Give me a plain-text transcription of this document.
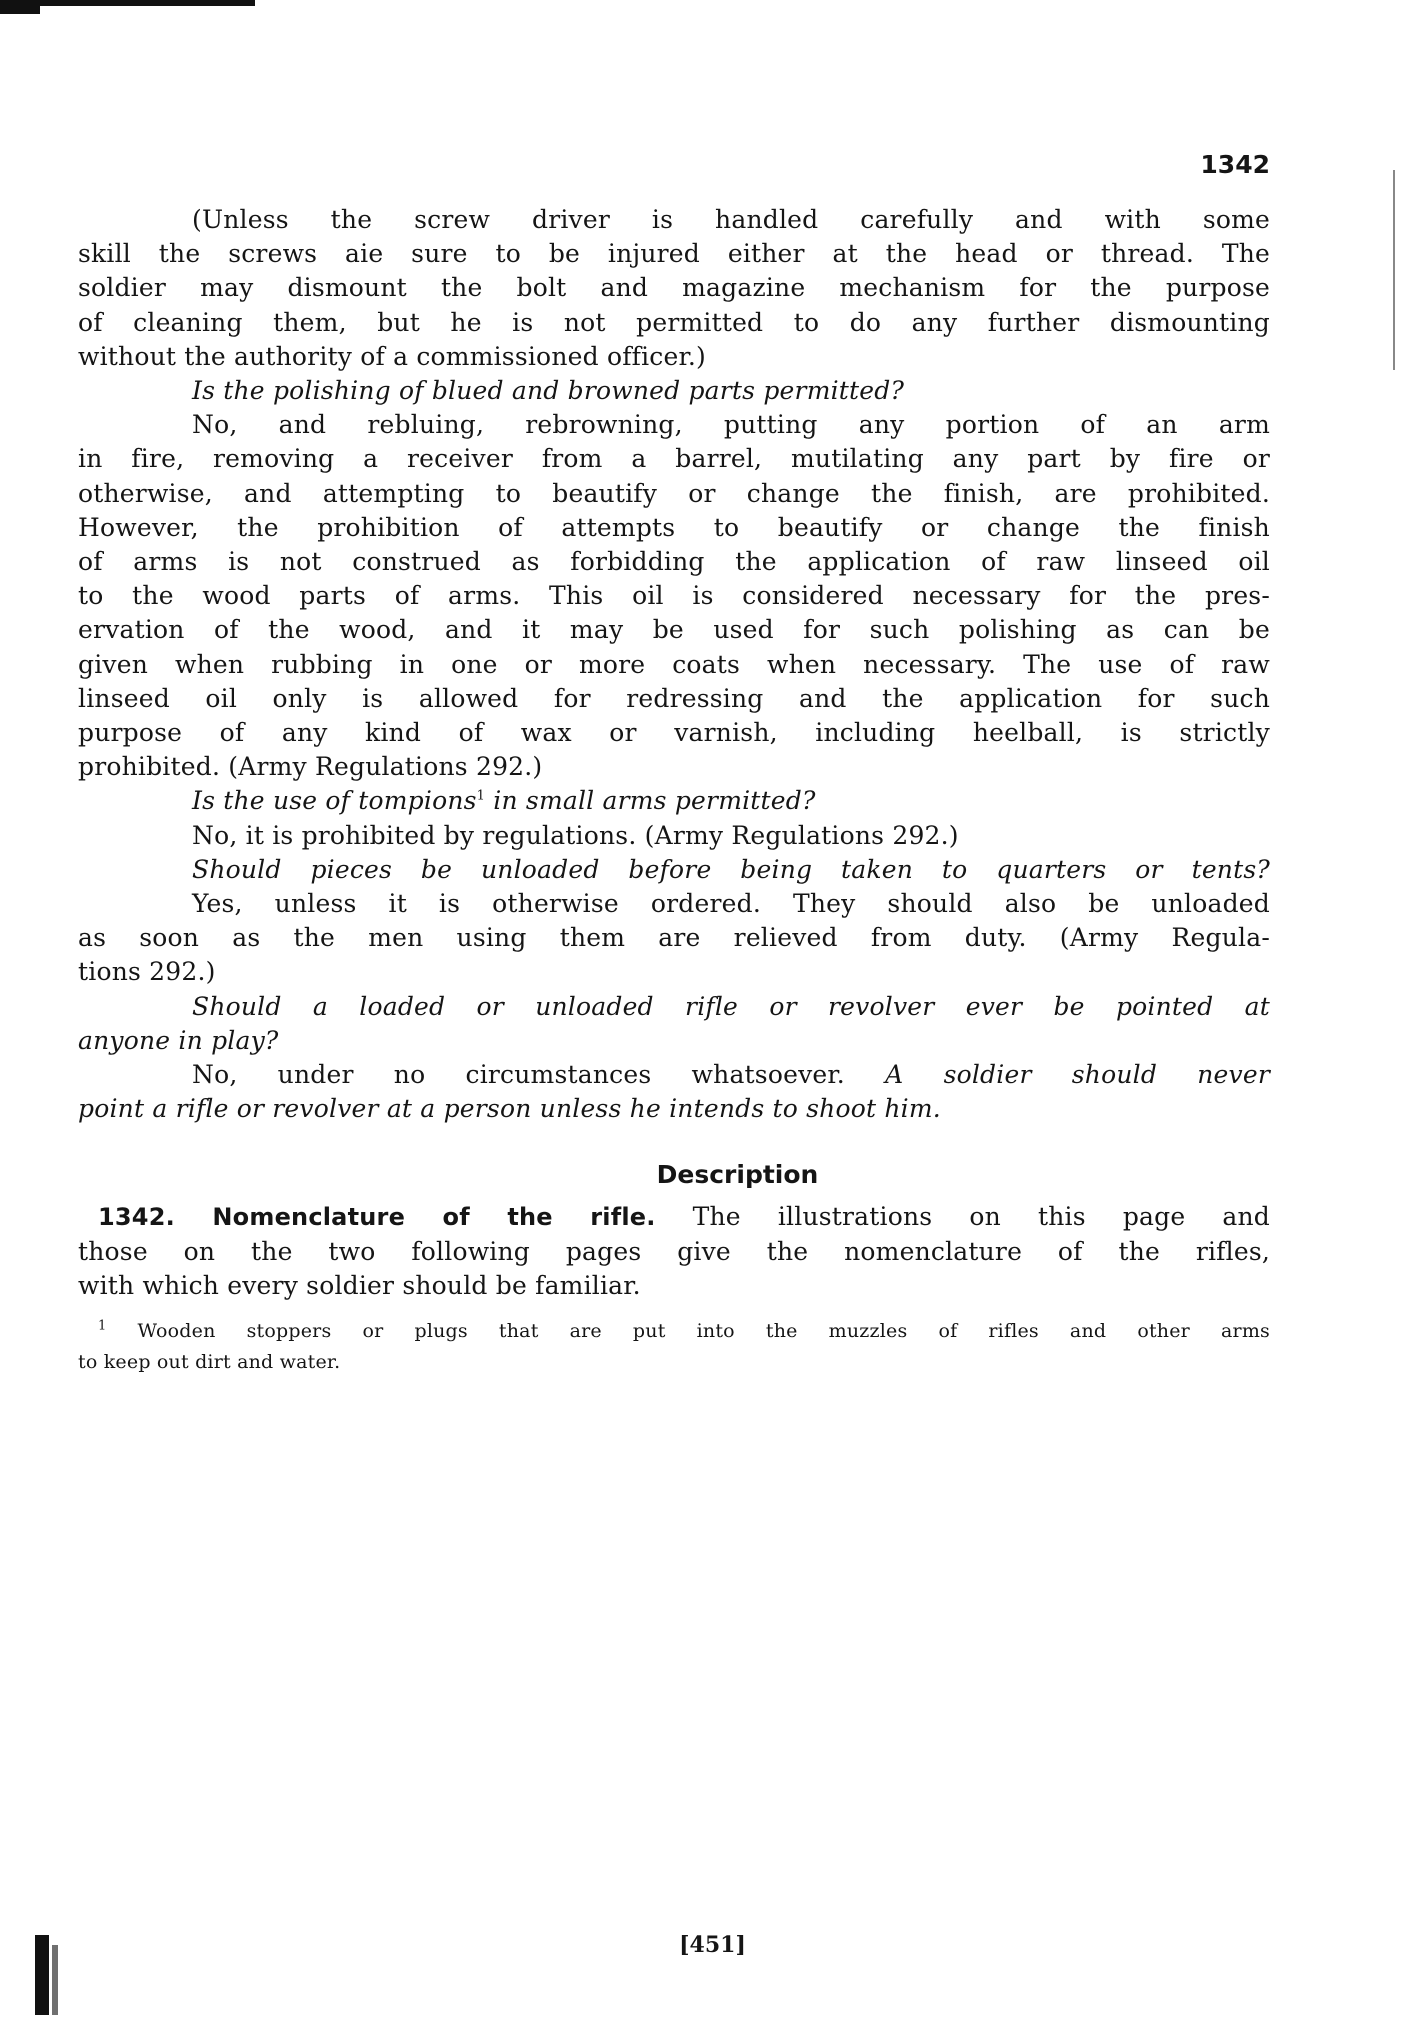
1342
(Unless the screw driver is handled carefully and with some
skill the screws aie sure to be injured either at the head or thread. The
soldier may dismount the bolt and magazine mechanism for the purpose
of cleaning them, but he is not permitted to do any further dismounting
without the authority of a commissioned officer.)
Is the polishing of blued and browned parts permitted?
No, and rebluing, rebrowning, putting any portion of an arm
in fire, removing a receiver from a barrel, mutilating any part by fire or
otherwise, and attempting to beautify or change the finish, are prohibited.
However, the prohibition of attempts to beautify or change the finish
of arms is not construed as forbidding the application of raw linseed oil
to the wood parts of arms. This oil is considered necessary for the pres-
ervation of the wood, and it may be used for such polishing as can be
given when rubbing in one or more coats when necessary. The use of raw
linseed oil only is allowed for redressing and the application for such
purpose of any kind of wax or varnish, including heelball, is strictly
prohibited. (Army Regulations 292.)
Is the use of tompions$^1$ in small arms permitted?
No, it is prohibited by regulations. (Army Regulations 292.)
Should pieces be unloaded before being taken to quarters or tents?
Yes, unless it is otherwise ordered. They should also be unloaded
as soon as the men using them are relieved from duty. (Army Regula-
tions 292.)
Should a loaded or unloaded rifle or revolver ever be pointed at
anyone in play?
No, under no circumstances whatsoever. A soldier should never
point a rifle or revolver at a person unless he intends to shoot him.
Description
1342. Nomenclature of the rifle. The illustrations on this page and
those on the two following pages give the nomenclature of the rifles,
with which every soldier should be familiar.
$^1$ Wooden stoppers or plugs that are put into the muzzles of rifles and other arms
to keep out dirt and water.
[451]
